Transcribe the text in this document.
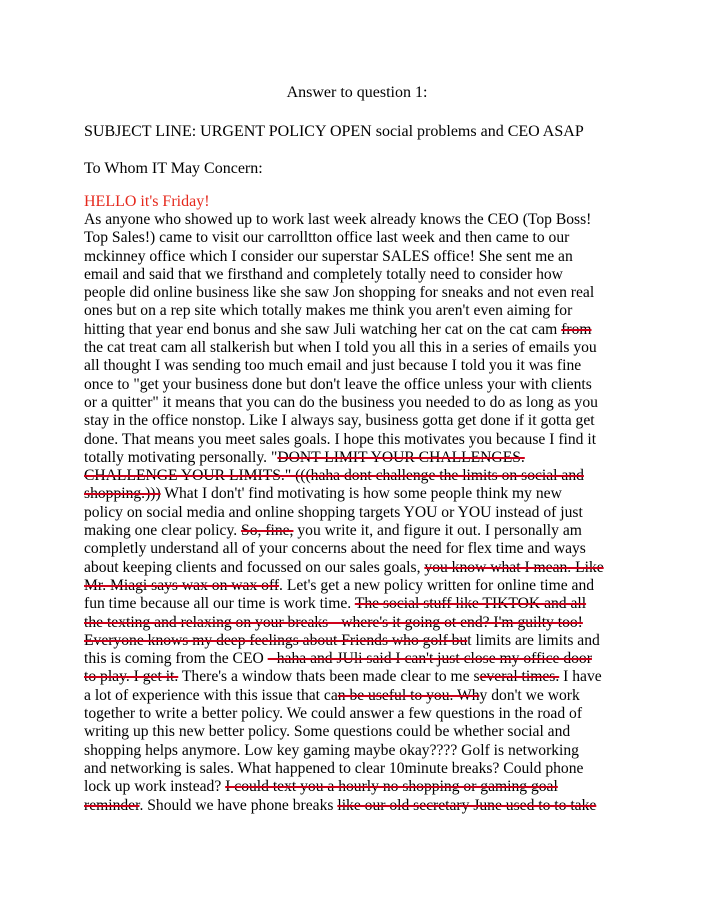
Answer to question 1:
SUBJECT LINE: URGENT POLICY OPEN social problems and CEO ASAP
To Whom IT May Concern:
HELLO it's Friday!
As anyone who showed up to work last week already knows the CEO (Top Boss!
Top Sales!) came to visit our carrolltton office last week and then came to our
mckinney office which I consider our superstar SALES office! She sent me an
email and said that we firsthand and completely totally need to consider how
people did online business like she saw Jon shopping for sneaks and not even real
ones but on a rep site which totally makes me think you aren't even aiming for
hitting that year end bonus and she saw Juli watching her cat on the cat cam from
the cat treat cam all stalkerish but when I told you all this in a series of emails you
all thought I was sending too much email and just because I told you it was fine
once to "get your business done but don't leave the office unless your with clients
or a quitter" it means that you can do the business you needed to do as long as you
stay in the office nonstop. Like I always say, business gotta get done if it gotta get
done. That means you meet sales goals. I hope this motivates you because I find it
totally motivating personally. "DONT LIMIT YOUR CHALLENGES.
CHALLENGE YOUR LIMITS." (((haha dont challenge the limits on social and
shopping.))) What I don't' find motivating is how some people think my new
policy on social media and online shopping targets YOU or YOU instead of just
making one clear policy. So, fine, you write it, and figure it out. I personally am
completly understand all of your concerns about the need for flex time and ways
about keeping clients and focussed on our sales goals, you know what I mean. Like
Mr. Miagi says wax on wax off. Let's get a new policy written for online time and
fun time because all our time is work time. The social stuff like TIKTOK and all
the texting and relaxing on your breaks - where's it going ot end? I'm guilty too!
Everyone knows my deep feelings about Friends who golf but limits are limits and
this is coming from the CEO - haha and JUli said I can't just close my office door
to play. I get it. There's a window thats been made clear to me several times. I have
a lot of experience with this issue that can be useful to you. Why don't we work
together to write a better policy. We could answer a few questions in the road of
writing up this new better policy. Some questions could be whether social and
shopping helps anymore. Low key gaming maybe okay???? Golf is networking
and networking is sales. What happened to clear 10minute breaks? Could phone
lock up work instead? I could text you a hourly no shopping or gaming goal
reminder. Should we have phone breaks like our old secretary June used to to take
